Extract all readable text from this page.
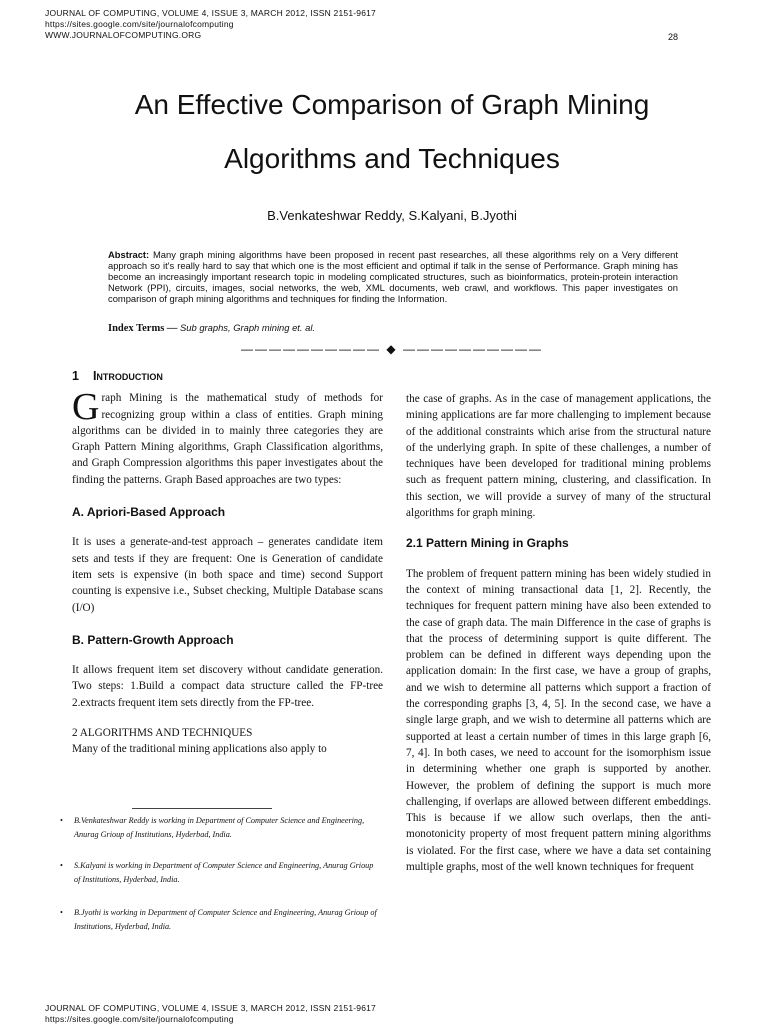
JOURNAL OF COMPUTING, VOLUME 4, ISSUE 3, MARCH 2012, ISSN 2151-9617
https://sites.google.com/site/journalofcomputing
WWW.JOURNALOFCOMPUTING.ORG	28
An Effective Comparison of Graph Mining
Algorithms and Techniques
B.Venkateshwar Reddy, S.Kalyani, B.Jyothi
Abstract: Many graph mining algorithms have been proposed in recent past researches, all these algorithms rely on a Very different approach so it's really hard to say that which one is the most efficient and optimal if talk in the sense of Performance. Graph mining has become an increasingly important research topic in modeling complicated structures, such as bioinformatics, protein-protein interaction Network (PPI), circuits, images, social networks, the web, XML documents, web crawl, and workflows. This paper investigates on comparison of graph mining algorithms and techniques for finding the Information.
Index Terms — Sub graphs, Graph mining et. al.
—————————— ◆ ——————————
1 Introduction

Graph Mining is the mathematical study of methods for recognizing group within a class of entities. Graph mining algorithms can be divided in to mainly three categories they are Graph Pattern Mining algorithms, Graph Classification algorithms, and Graph Compression algorithms this paper investigates about the finding the patterns. Graph Based approaches are two types:

A. Apriori-Based Approach

It is uses a generate-and-test approach – generates candidate item sets and tests if they are frequent: One is Generation of candidate item sets is expensive (in both space and time) second Support counting is expensive i.e., Subset checking, Multiple Database scans (I/O)

B. Pattern-Growth Approach

It allows frequent item set discovery without candidate generation. Two steps: 1.Build a compact data structure called the FP-tree 2.extracts frequent item sets directly from the FP-tree.

2 ALGORITHMS AND TECHNIQUES

Many of the traditional mining applications also apply to

• B.Venkateshwar Reddy is working in Department of Computer Science and Engineering, Anurag Grioup of Institutions, Hyderbad, India.
• S.Kalyani is working in Department of Computer Science and Engineering, Anurag Grioup of Institutions, Hyderbad, India.
• B.Jyothi is working in Department of Computer Science and Engineering, Anurag Grioup of Institutions, Hyderbad, India.

the case of graphs. As in the case of management applications, the mining applications are far more challenging to implement because of the additional constraints which arise from the structural nature of the underlying graph. In spite of these challenges, a number of techniques have been developed for traditional mining problems such as frequent pattern mining, clustering, and classification. In this section, we will provide a survey of many of the structural algorithms for graph mining.

2.1 Pattern Mining in Graphs

The problem of frequent pattern mining has been widely studied in the context of mining transactional data [1, 2]. Recently, the techniques for frequent pattern mining have also been extended to the case of graph data. The main Difference in the case of graphs is that the process of determining support is quite different. The problem can be defined in different ways depending upon the application domain: In the first case, we have a group of graphs, and we wish to determine all patterns which support a fraction of the corresponding graphs [3, 4, 5]. In the second case, we have a single large graph, and we wish to determine all patterns which are supported at least a certain number of times in this large graph [6, 7, 4]. In both cases, we need to account for the isomorphism issue in determining whether one graph is supported by another. However, the problem of defining the support is much more challenging, if overlaps are allowed between different embeddings. This is because if we allow such overlaps, then the anti-monotonicity property of most frequent pattern mining algorithms is violated. For the first case, where we have a data set containing multiple graphs, most of the well known techniques for frequent

JOURNAL OF COMPUTING, VOLUME 4, ISSUE 3, MARCH 2012, ISSN 2151-9617
https://sites.google.com/site/journalofcomputing
